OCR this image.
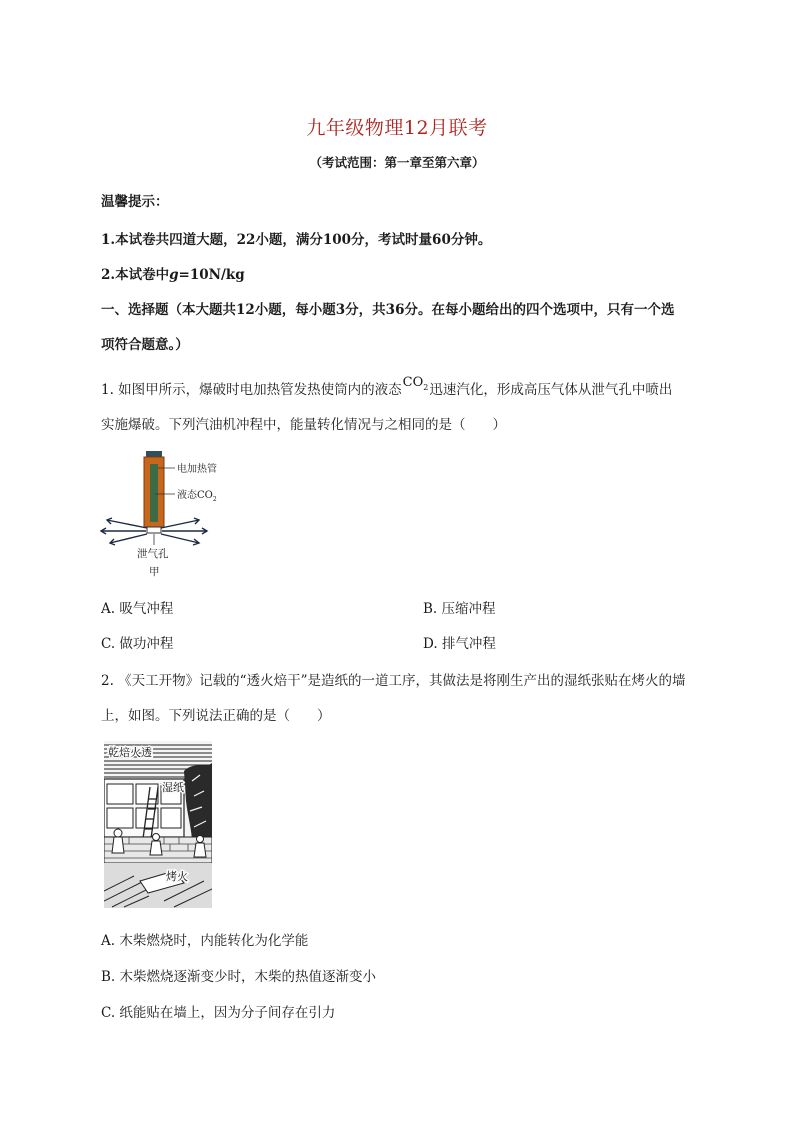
九年级物理12月联考
（考试范围：第一章至第六章）
温馨提示：
1.本试卷共四道大题，22小题，满分100分，考试时量60分钟。
2.本试卷中g=10N/kg
一、选择题（本大题共12小题，每小题3分，共36分。在每小题给出的四个选项中，只有一个选
项符合题意。）
1. 如图甲所示，爆破时电加热管发热使筒内的液态$CO_2$迅速汽化，形成高压气体从泄气孔中喷出
实施爆破。下列汽油机冲程中，能量转化情况与之相同的是（　　）
电加热管
液态$CO_2$
泄气孔
甲
A. 吸气冲程	B. 压缩冲程
C. 做功冲程	D. 排气冲程
2. 《天工开物》记载的“透火焙干”是造纸的一道工序，其做法是将刚生产出的湿纸张贴在烤火的墙
上，如图。下列说法正确的是（　　）
乾焙火透
湿纸
烤火
A. 木柴燃烧时，内能转化为化学能
B. 木柴燃烧逐渐变少时，木柴的热值逐渐变小
C. 纸能贴在墙上，因为分子间存在引力
